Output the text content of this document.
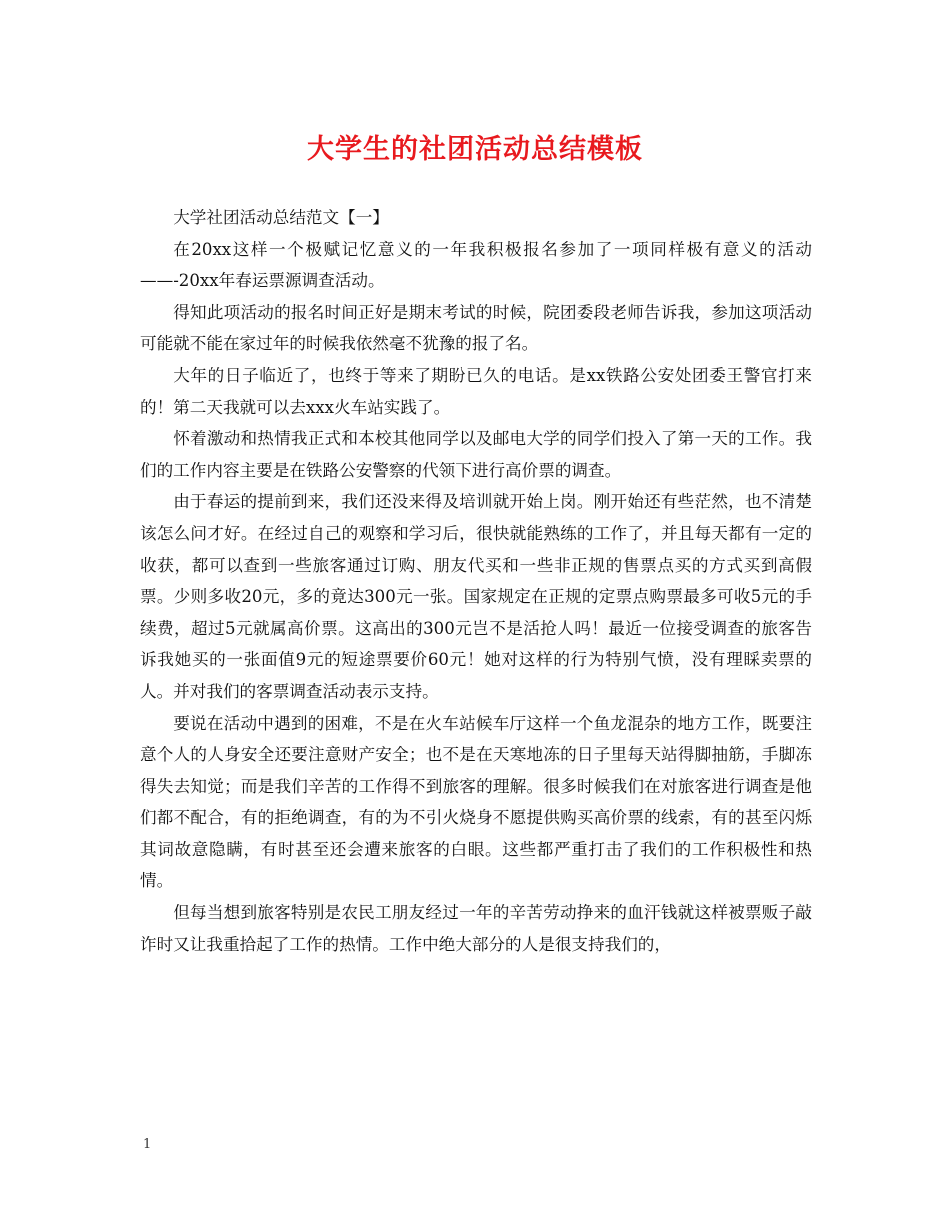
大学生的社团活动总结模板

大学社团活动总结范文【一】

在20xx这样一个极赋记忆意义的一年我积极报名参加了一项同样极有意义的活动——-20xx年春运票源调查活动。

得知此项活动的报名时间正好是期末考试的时候，院团委段老师告诉我，参加这项活动可能就不能在家过年的时候我依然毫不犹豫的报了名。

大年的日子临近了，也终于等来了期盼已久的电话。是xx铁路公安处团委王警官打来的！第二天我就可以去xxx火车站实践了。

怀着激动和热情我正式和本校其他同学以及邮电大学的同学们投入了第一天的工作。我们的工作内容主要是在铁路公安警察的代领下进行高价票的调查。

由于春运的提前到来，我们还没来得及培训就开始上岗。刚开始还有些茫然，也不清楚该怎么问才好。在经过自己的观察和学习后，很快就能熟练的工作了，并且每天都有一定的收获，都可以查到一些旅客通过订购、朋友代买和一些非正规的售票点买的方式买到高假票。少则多收20元，多的竟达300元一张。国家规定在正规的定票点购票最多可收5元的手续费，超过5元就属高价票。这高出的300元岂不是活抢人吗！最近一位接受调查的旅客告诉我她买的一张面值9元的短途票要价60元！她对这样的行为特别气愤，没有理睬卖票的人。并对我们的客票调查活动表示支持。

要说在活动中遇到的困难，不是在火车站候车厅这样一个鱼龙混杂的地方工作，既要注意个人的人身安全还要注意财产安全；也不是在天寒地冻的日子里每天站得脚抽筋，手脚冻得失去知觉；而是我们辛苦的工作得不到旅客的理解。很多时候我们在对旅客进行调查是他们都不配合，有的拒绝调查，有的为不引火烧身不愿提供购买高价票的线索，有的甚至闪烁其词故意隐瞒，有时甚至还会遭来旅客的白眼。这些都严重打击了我们的工作积极性和热情。

但每当想到旅客特别是农民工朋友经过一年的辛苦劳动挣来的血汗钱就这样被票贩子敲诈时又让我重拾起了工作的热情。工作中绝大部分的人是很支持我们的，

1
